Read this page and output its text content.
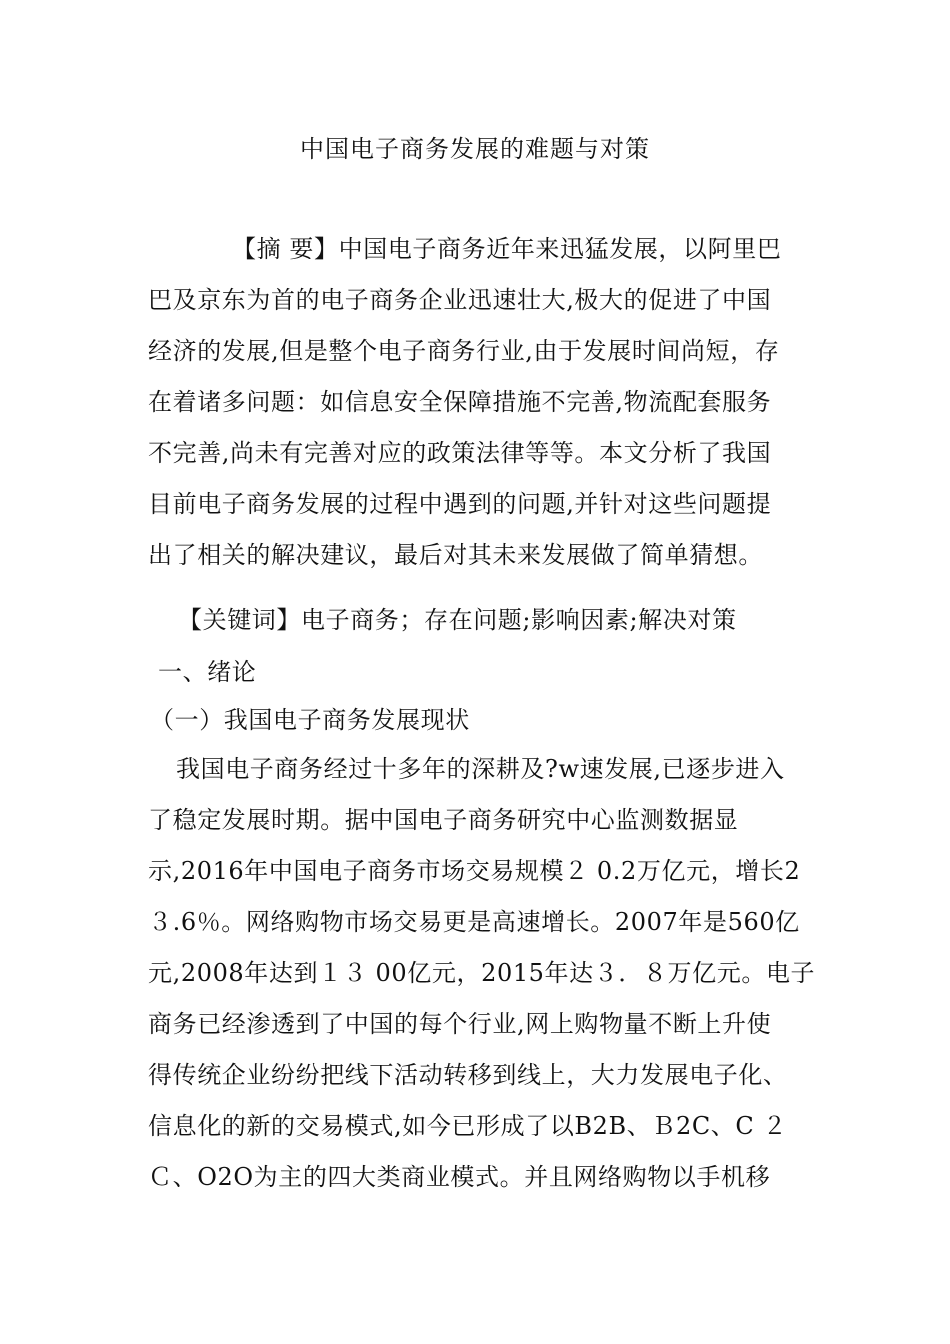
中国电子商务发展的难题与对策
【摘 要】中国电子商务近年来迅猛发展，以阿里巴
巴及京东为首的电子商务企业迅速壮大,极大的促进了中国
经济的发展,但是整个电子商务行业,由于发展时间尚短，存
在着诸多问题：如信息安全保障措施不完善,物流配套服务
不完善,尚未有完善对应的政策法律等等。本文分析了我国
目前电子商务发展的过程中遇到的问题,并针对这些问题提
出了相关的解决建议，最后对其未来发展做了简单猜想。
【关键词】电子商务；存在问题;影响因素;解决对策
一、绪论
（一）我国电子商务发展现状
我国电子商务经过十多年的深耕及?w速发展,已逐步进入
了稳定发展时期。据中国电子商务研究中心监测数据显
示,2016年中国电子商务市场交易规模２ 0.2万亿元，增长2
３.6％。网络购物市场交易更是高速增长。2007年是560亿
元,2008年达到１３ 00亿元，2015年达３．８万亿元。电子
商务已经渗透到了中国的每个行业,网上购物量不断上升使
得传统企业纷纷把线下活动转移到线上，大力发展电子化、
信息化的新的交易模式,如今已形成了以B2B、Ｂ2C、C ２
Ｃ、O2O为主的四大类商业模式。并且网络购物以手机移
